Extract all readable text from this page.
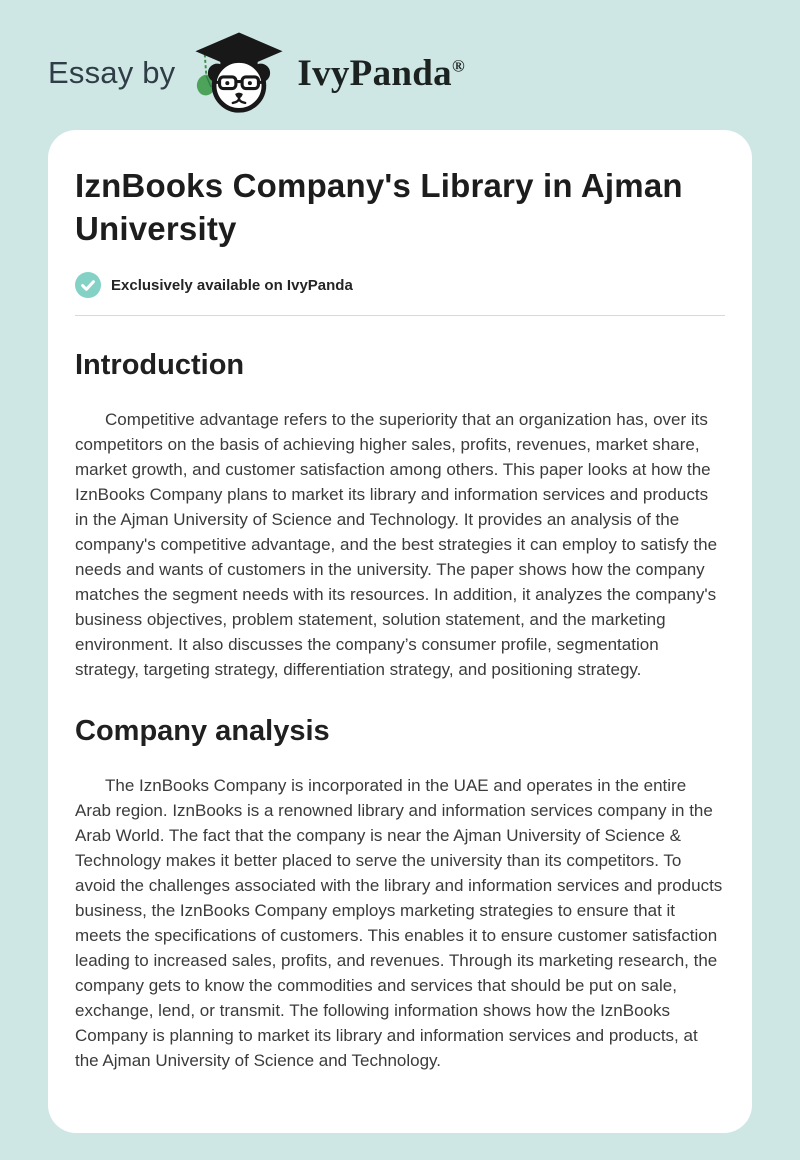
Essay by	IvyPanda®
IznBooks Company's Library in Ajman University
Exclusively available on IvyPanda
Introduction

Competitive advantage refers to the superiority that an organization has, over its competitors on the basis of achieving higher sales, profits, revenues, market share, market growth, and customer satisfaction among others. This paper looks at how the IznBooks Company plans to market its library and information services and products in the Ajman University of Science and Technology. It provides an analysis of the company's competitive advantage, and the best strategies it can employ to satisfy the needs and wants of customers in the university. The paper shows how the company matches the segment needs with its resources. In addition, it analyzes the company's business objectives, problem statement, solution statement, and the marketing environment. It also discusses the company’s consumer profile, segmentation strategy, targeting strategy, differentiation strategy, and positioning strategy.

Company analysis

The IznBooks Company is incorporated in the UAE and operates in the entire Arab region. IznBooks is a renowned library and information services company in the Arab World. The fact that the company is near the Ajman University of Science & Technology makes it better placed to serve the university than its competitors. To avoid the challenges associated with the library and information services and products business, the IznBooks Company employs marketing strategies to ensure that it meets the specifications of customers. This enables it to ensure customer satisfaction leading to increased sales, profits, and revenues. Through its marketing research, the company gets to know the commodities and services that should be put on sale, exchange, lend, or transmit. The following information shows how the IznBooks Company is planning to market its library and information services and products, at the Ajman University of Science and Technology.
